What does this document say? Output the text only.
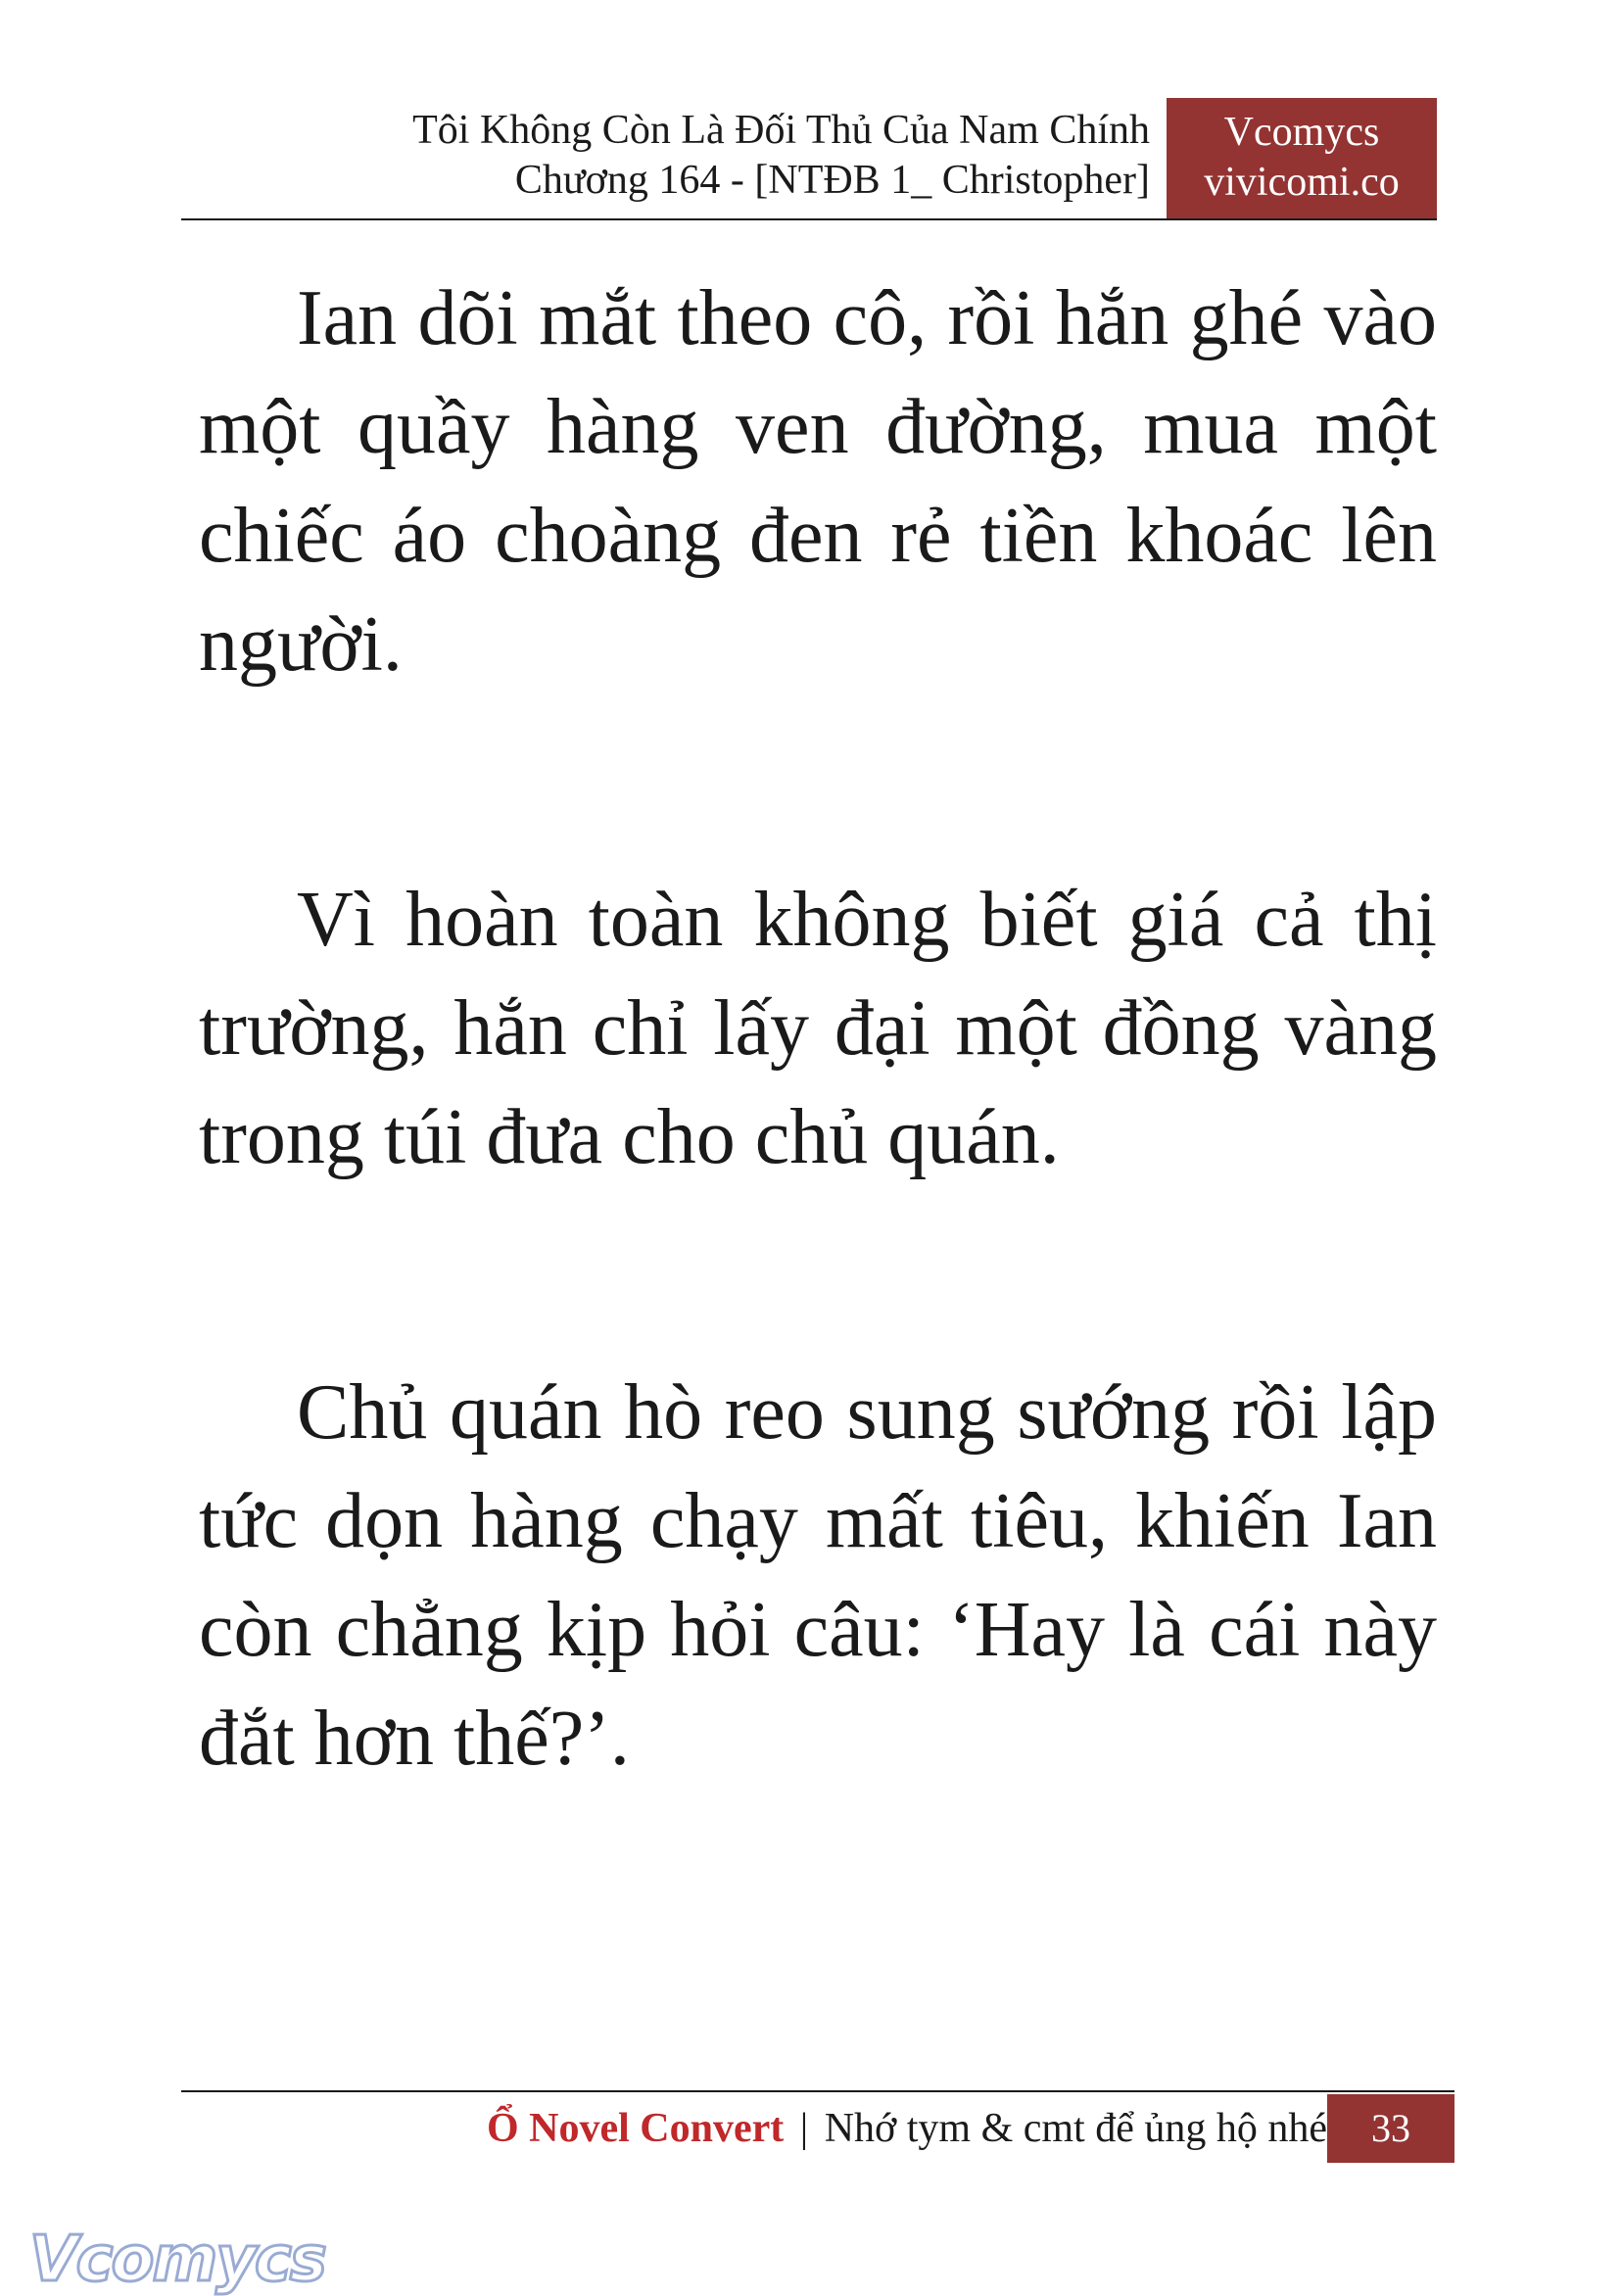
Tôi Không Còn Là Đối Thủ Của Nam Chính
Chương 164 - [NTĐB 1_ Christopher]
Vcomycs
vivicomi.co

Ian dõi mắt theo cô, rồi hắn ghé vào một quầy hàng ven đường, mua một chiếc áo choàng đen rẻ tiền khoác lên người.

Vì hoàn toàn không biết giá cả thị trường, hắn chỉ lấy đại một đồng vàng trong túi đưa cho chủ quán.

Chủ quán hò reo sung sướng rồi lập tức dọn hàng chạy mất tiêu, khiến Ian còn chẳng kịp hỏi câu: ‘Hay là cái này đắt hơn thế?’.

Ổ Novel Convert | Nhớ tym & cmt để ủng hộ nhé	33
Vcomycs
